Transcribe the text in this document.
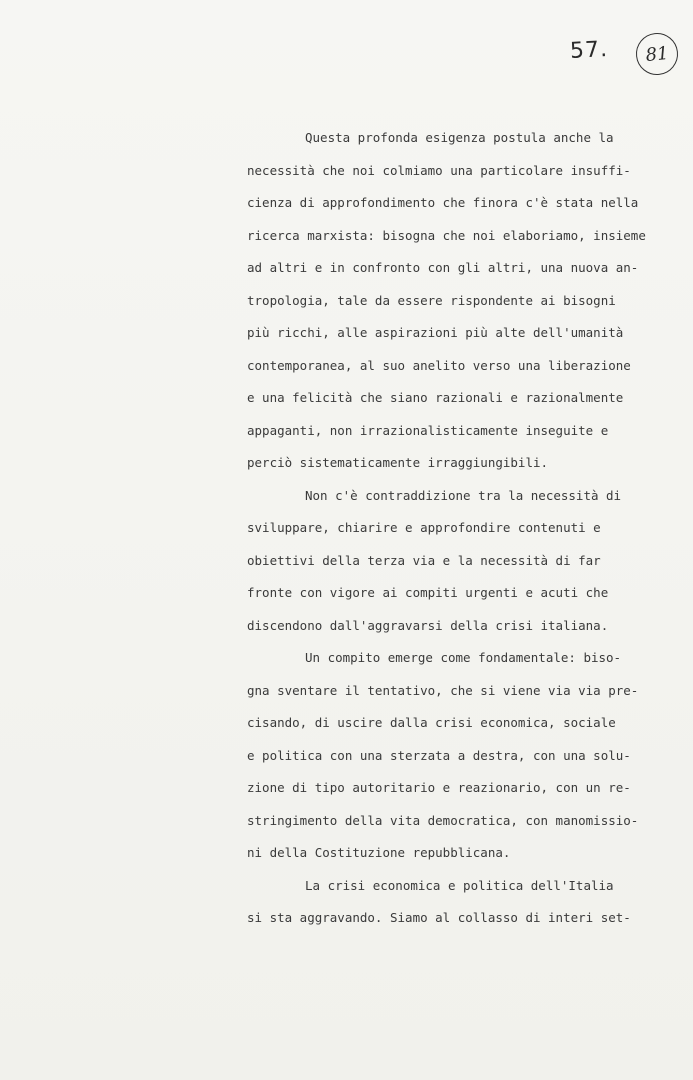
57. 81
Questa profonda esigenza postula anche la
necessità che noi colmiamo una particolare insuffi-
cienza di approfondimento che finora c'è stata nella
ricerca marxista: bisogna che noi elaboriamo, insieme
ad altri e in confronto con gli altri, una nuova an-
tropologia, tale da essere rispondente ai bisogni
più ricchi, alle aspirazioni più alte dell'umanità
contemporanea, al suo anelito verso una liberazione
e una felicità che siano razionali e razionalmente
appaganti, non irrazionalisticamente inseguite e
perciò sistematicamente irraggiungibili.
Non c'è contraddizione tra la necessità di
sviluppare, chiarire e approfondire contenuti e
obiettivi della terza via e la necessità di far
fronte con vigore ai compiti urgenti e acuti che
discendono dall'aggravarsi della crisi italiana.
Un compito emerge come fondamentale: biso-
gna sventare il tentativo, che si viene via via pre-
cisando, di uscire dalla crisi economica, sociale
e politica con una sterzata a destra, con una solu-
zione di tipo autoritario e reazionario, con un re-
stringimento della vita democratica, con manomissio-
ni della Costituzione repubblicana.
La crisi economica e politica dell'Italia
si sta aggravando. Siamo al collasso di interi set-
